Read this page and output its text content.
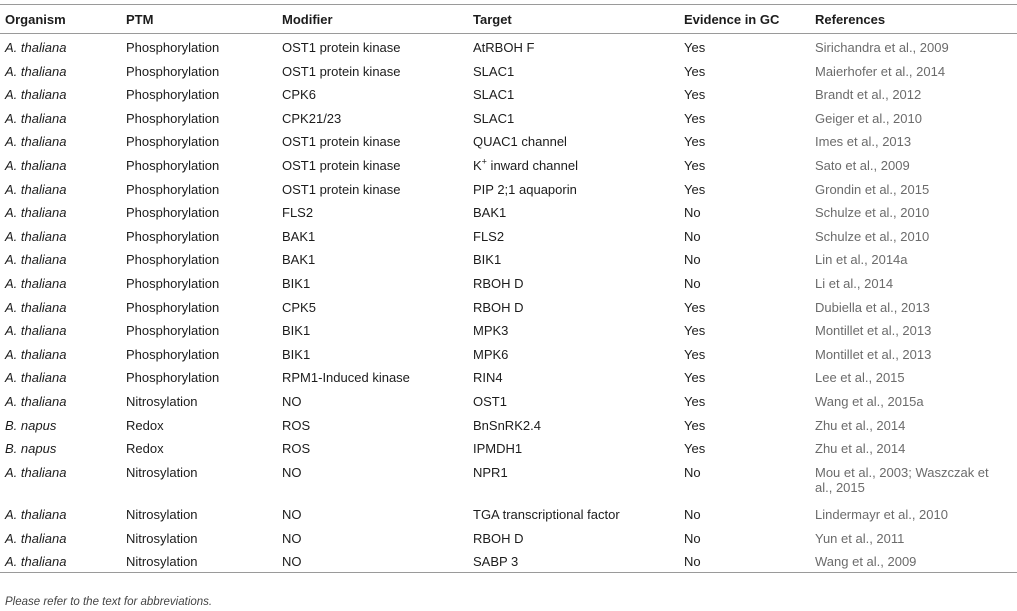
Organism	PTM	Modifier	Target	Evidence in GC	References
A. thaliana	Phosphorylation	OST1 protein kinase	AtRBOH F	Yes	Sirichandra et al., 2009
A. thaliana	Phosphorylation	OST1 protein kinase	SLAC1	Yes	Maierhofer et al., 2014
A. thaliana	Phosphorylation	CPK6	SLAC1	Yes	Brandt et al., 2012
A. thaliana	Phosphorylation	CPK21/23	SLAC1	Yes	Geiger et al., 2010
A. thaliana	Phosphorylation	OST1 protein kinase	QUAC1 channel	Yes	Imes et al., 2013
A. thaliana	Phosphorylation	OST1 protein kinase	K+ inward channel	Yes	Sato et al., 2009
A. thaliana	Phosphorylation	OST1 protein kinase	PIP 2;1 aquaporin	Yes	Grondin et al., 2015
A. thaliana	Phosphorylation	FLS2	BAK1	No	Schulze et al., 2010
A. thaliana	Phosphorylation	BAK1	FLS2	No	Schulze et al., 2010
A. thaliana	Phosphorylation	BAK1	BIK1	No	Lin et al., 2014a
A. thaliana	Phosphorylation	BIK1	RBOH D	No	Li et al., 2014
A. thaliana	Phosphorylation	CPK5	RBOH D	Yes	Dubiella et al., 2013
A. thaliana	Phosphorylation	BIK1	MPK3	Yes	Montillet et al., 2013
A. thaliana	Phosphorylation	BIK1	MPK6	Yes	Montillet et al., 2013
A. thaliana	Phosphorylation	RPM1-Induced kinase	RIN4	Yes	Lee et al., 2015
A. thaliana	Nitrosylation	NO	OST1	Yes	Wang et al., 2015a
B. napus	Redox	ROS	BnSnRK2.4	Yes	Zhu et al., 2014
B. napus	Redox	ROS	IPMDH1	Yes	Zhu et al., 2014
A. thaliana	Nitrosylation	NO	NPR1	No	Mou et al., 2003; Waszczak et al., 2015
A. thaliana	Nitrosylation	NO	TGA transcriptional factor	No	Lindermayr et al., 2010
A. thaliana	Nitrosylation	NO	RBOH D	No	Yun et al., 2011
A. thaliana	Nitrosylation	NO	SABP 3	No	Wang et al., 2009
Please refer to the text for abbreviations.
